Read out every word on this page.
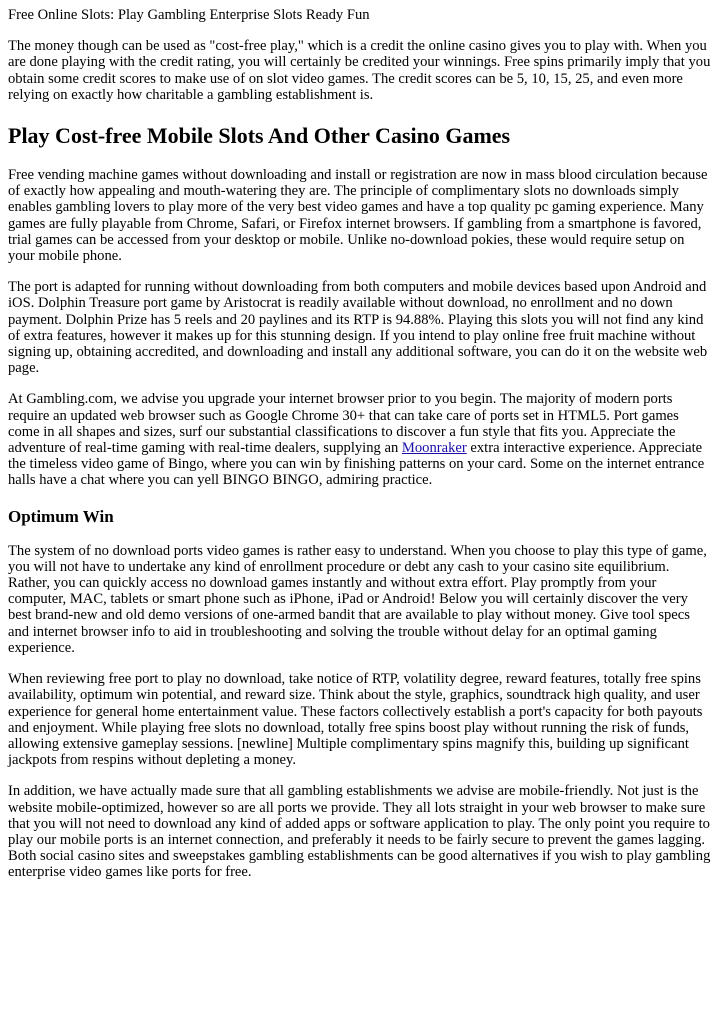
Free Online Slots: Play Gambling Enterprise Slots Ready Fun

The money though can be used as "cost-free play," which is a credit the online casino gives you to play with. When you are done playing with the credit rating, you will certainly be credited your winnings. Free spins primarily imply that you obtain some credit scores to make use of on slot video games. The credit scores can be 5, 10, 15, 25, and even more relying on exactly how charitable a gambling establishment is.

Play Cost-free Mobile Slots And Other Casino Games

Free vending machine games without downloading and install or registration are now in mass blood circulation because of exactly how appealing and mouth-watering they are. The principle of complimentary slots no downloads simply enables gambling lovers to play more of the very best video games and have a top quality pc gaming experience. Many games are fully playable from Chrome, Safari, or Firefox internet browsers. If gambling from a smartphone is favored, trial games can be accessed from your desktop or mobile. Unlike no-download pokies, these would require setup on your mobile phone.

The port is adapted for running without downloading from both computers and mobile devices based upon Android and iOS. Dolphin Treasure port game by Aristocrat is readily available without download, no enrollment and no down payment. Dolphin Prize has 5 reels and 20 paylines and its RTP is 94.88%. Playing this slots you will not find any kind of extra features, however it makes up for this stunning design. If you intend to play online free fruit machine without signing up, obtaining accredited, and downloading and install any additional software, you can do it on the website web page.

At Gambling.com, we advise you upgrade your internet browser prior to you begin. The majority of modern ports require an updated web browser such as Google Chrome 30+ that can take care of ports set in HTML5. Port games come in all shapes and sizes, surf our substantial classifications to discover a fun style that fits you. Appreciate the adventure of real-time gaming with real-time dealers, supplying an Moonraker extra interactive experience. Appreciate the timeless video game of Bingo, where you can win by finishing patterns on your card. Some on the internet entrance halls have a chat where you can yell BINGO BINGO, admiring practice.

Optimum Win

The system of no download ports video games is rather easy to understand. When you choose to play this type of game, you will not have to undertake any kind of enrollment procedure or debt any cash to your casino site equilibrium. Rather, you can quickly access no download games instantly and without extra effort. Play promptly from your computer, MAC, tablets or smart phone such as iPhone, iPad or Android! Below you will certainly discover the very best brand-new and old demo versions of one-armed bandit that are available to play without money. Give tool specs and internet browser info to aid in troubleshooting and solving the trouble without delay for an optimal gaming experience.

When reviewing free port to play no download, take notice of RTP, volatility degree, reward features, totally free spins availability, optimum win potential, and reward size. Think about the style, graphics, soundtrack high quality, and user experience for general home entertainment value. These factors collectively establish a port's capacity for both payouts and enjoyment. While playing free slots no download, totally free spins boost play without running the risk of funds, allowing extensive gameplay sessions. [newline] Multiple complimentary spins magnify this, building up significant jackpots from respins without depleting a money.

In addition, we have actually made sure that all gambling establishments we advise are mobile-friendly. Not just is the website mobile-optimized, however so are all ports we provide. They all lots straight in your web browser to make sure that you will not need to download any kind of added apps or software application to play. The only point you require to play our mobile ports is an internet connection, and preferably it needs to be fairly secure to prevent the games lagging. Both social casino sites and sweepstakes gambling establishments can be good alternatives if you wish to play gambling enterprise video games like ports for free.
